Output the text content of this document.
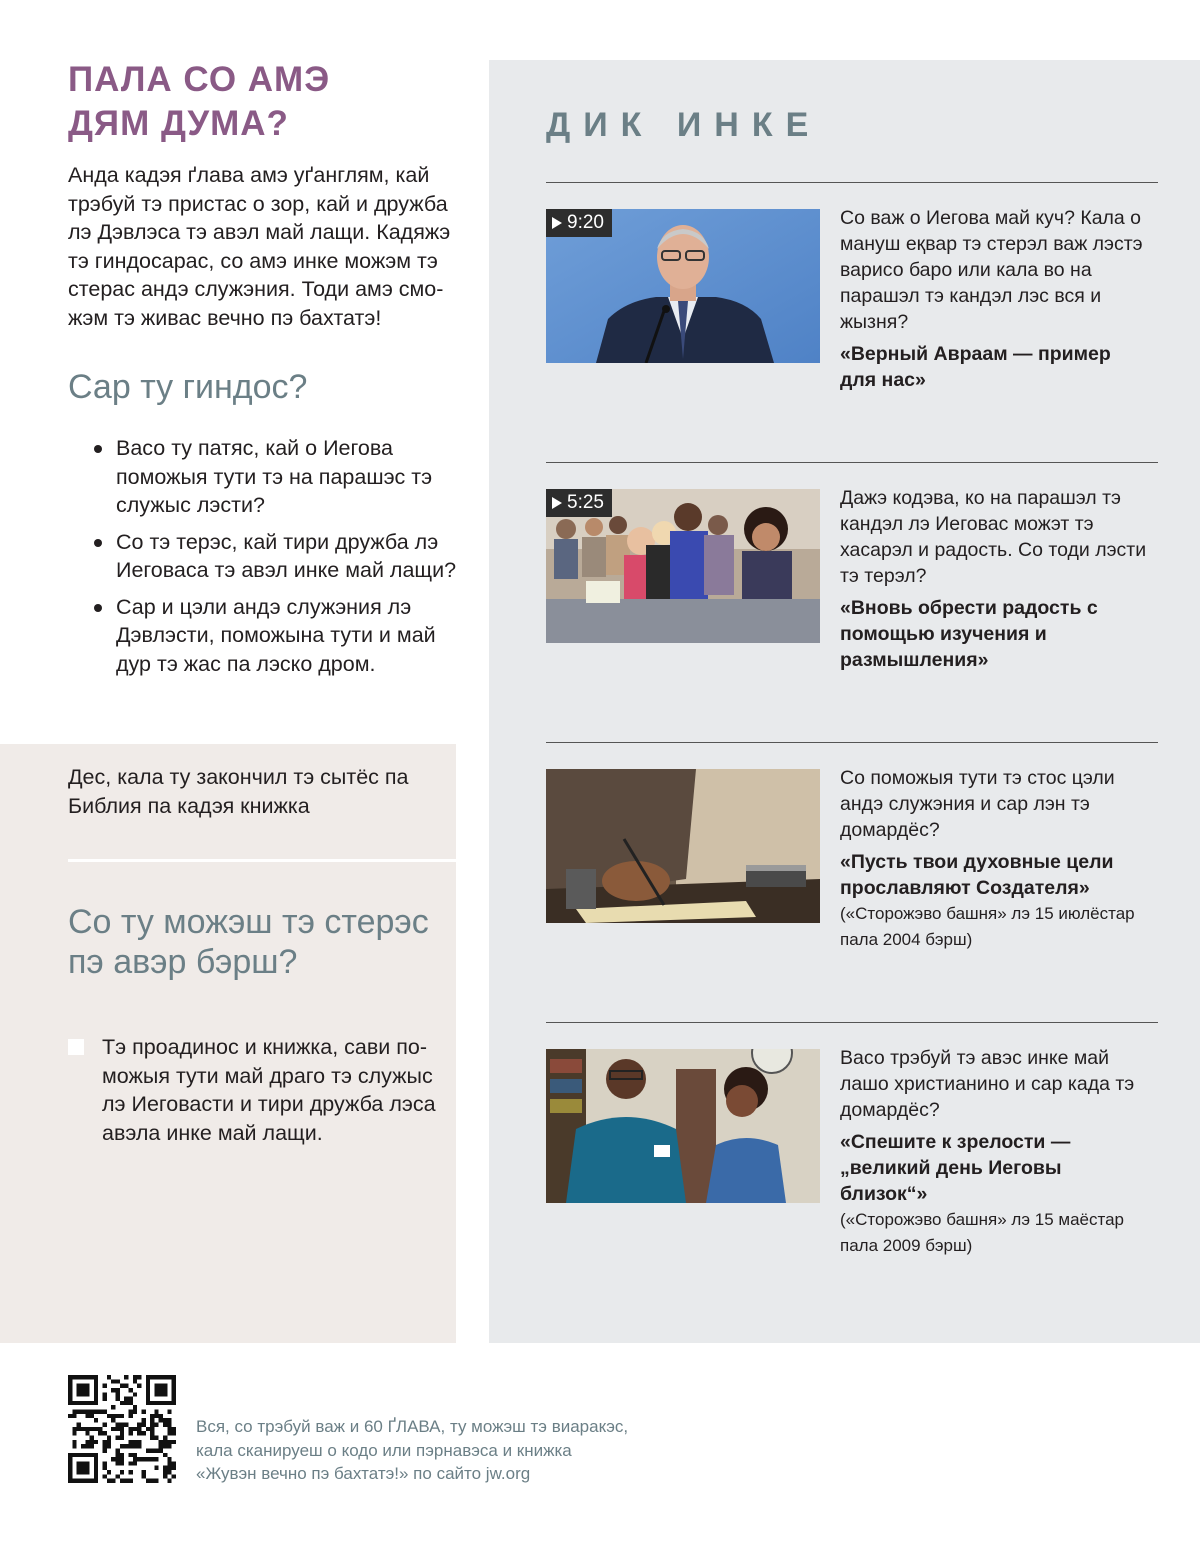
ПАЛА СО АМЭ
ДЯМ ДУМА?

Анда кадэя ґлава амэ уґанглям, кай трэбуй тэ пристас о зор, кай и дружба лэ Дэвлэса тэ авэл май лащи. Кадяжэ тэ гиндосарас, со амэ инке можэм тэ стерас андэ служэния. Тоди амэ смо-жэм тэ живас вечно пэ бахтатэ!

Сар ту гиндос?
Васо ту патяс, кай о Иегова поможыя тути тэ на парашэс тэ служыс лэсти?
Со тэ терэс, кай тири дружба лэ Иеговаса тэ авэл инке май лащи?
Сар и цэли андэ служэния лэ Дэвлэсти, поможына тути и май дур тэ жас па лэско дром.

Дес, кала ту закончил тэ сытёс па Библия па кадэя книжка

Со ту можэш тэ стерэс пэ авэр бэрш?

Тэ проадинос и книжка, сави по-можыя тути май драго тэ служыс лэ Иеговасти и тири дружба лэса авэла инке май лащи.

ДИК ИНКЕ
9:20	Со важ о Иегова май куч? Кала о мануш еқвар тэ стерэл важ лэстэ варисо баро или кала во на парашэл тэ кандэл лэс вся и жызня?

«Верный Авраам — пример для нас»

5:25	Дажэ кодэва, ко на парашэл тэ кандэл лэ Иеговас можэт тэ хасарэл и радость. Со тоди лэсти тэ терэл?

«Вновь обрести радость с помощью изучения и размышления»

Со поможыя тути тэ стос цэли андэ служэния и сар лэн тэ домардёс?

«Пусть твои духовные цели прославляют Создателя»

(«Сторожэво башня» лэ 15 июлёстар пала 2004 бэрш)

Васо трэбуй тэ авэс инке май лашо христианино и сар када тэ домардёс?

«Спешите к зрелости — „великий день Иеговы близок“»

(«Сторожэво башня» лэ 15 маёстар пала 2009 бэрш)

Вся, со трэбуй важ и 60 ҐЛАВА, ту можэш тэ виаракэс,
кала сканируеш о кодо или пэрнавэса и книжка
«Жувэн вечно пэ бахтатэ!» по сайто jw.org
